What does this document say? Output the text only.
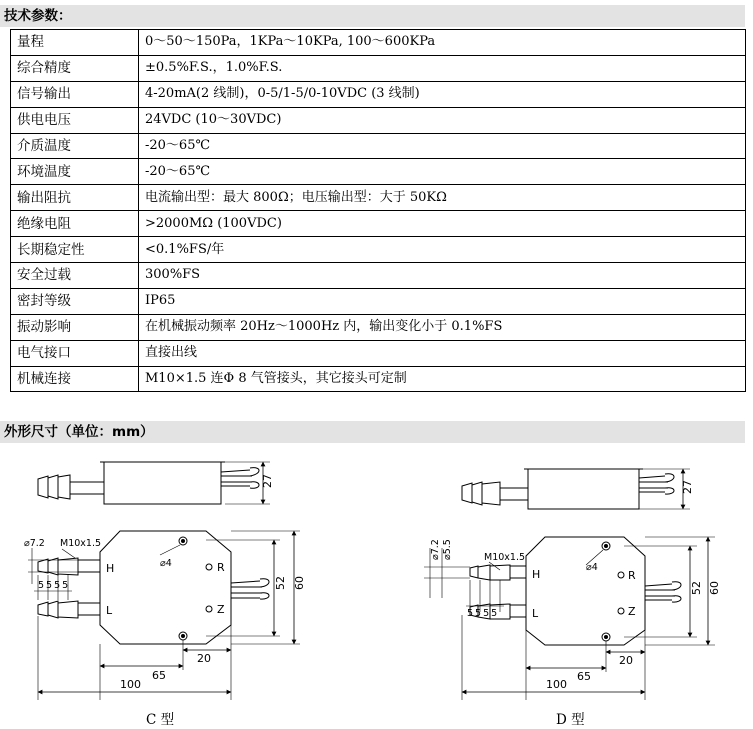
技术参数：
量程	0～50～150Pa，1KPa～10KPa, 100～600KPa
综合精度	±0.5%F.S.，1.0%F.S.
信号输出	4-20mA(2 线制)，0-5/1-5/0-10VDC (3 线制)
供电电压	24VDC (10～30VDC)
介质温度	-20～65℃
环境温度	-20～65℃
输出阻抗	电流输出型：最大 800Ω；电压输出型：大于 50KΩ
绝缘电阻	>2000MΩ (100VDC)
长期稳定性	<0.1%FS/年
安全过载	300%FS
密封等级	IP65
振动影响	在机械振动频率 20Hz～1000Hz 内，输出变化小于 0.1%FS
电气接口	直接出线
机械连接	M10×1.5 连Φ 8 气管接头，其它接头可定制
外形尺寸（单位：mm）
27
52 60
65
20
100
⌀7.2 M10x1.5
⌀4
5555
H
L
R
Z
27
52 60
65
20
100
⌀7.2 ⌀5.5	M10x1.5
⌀4
5555
H
L
R
Z
C 型	D 型
